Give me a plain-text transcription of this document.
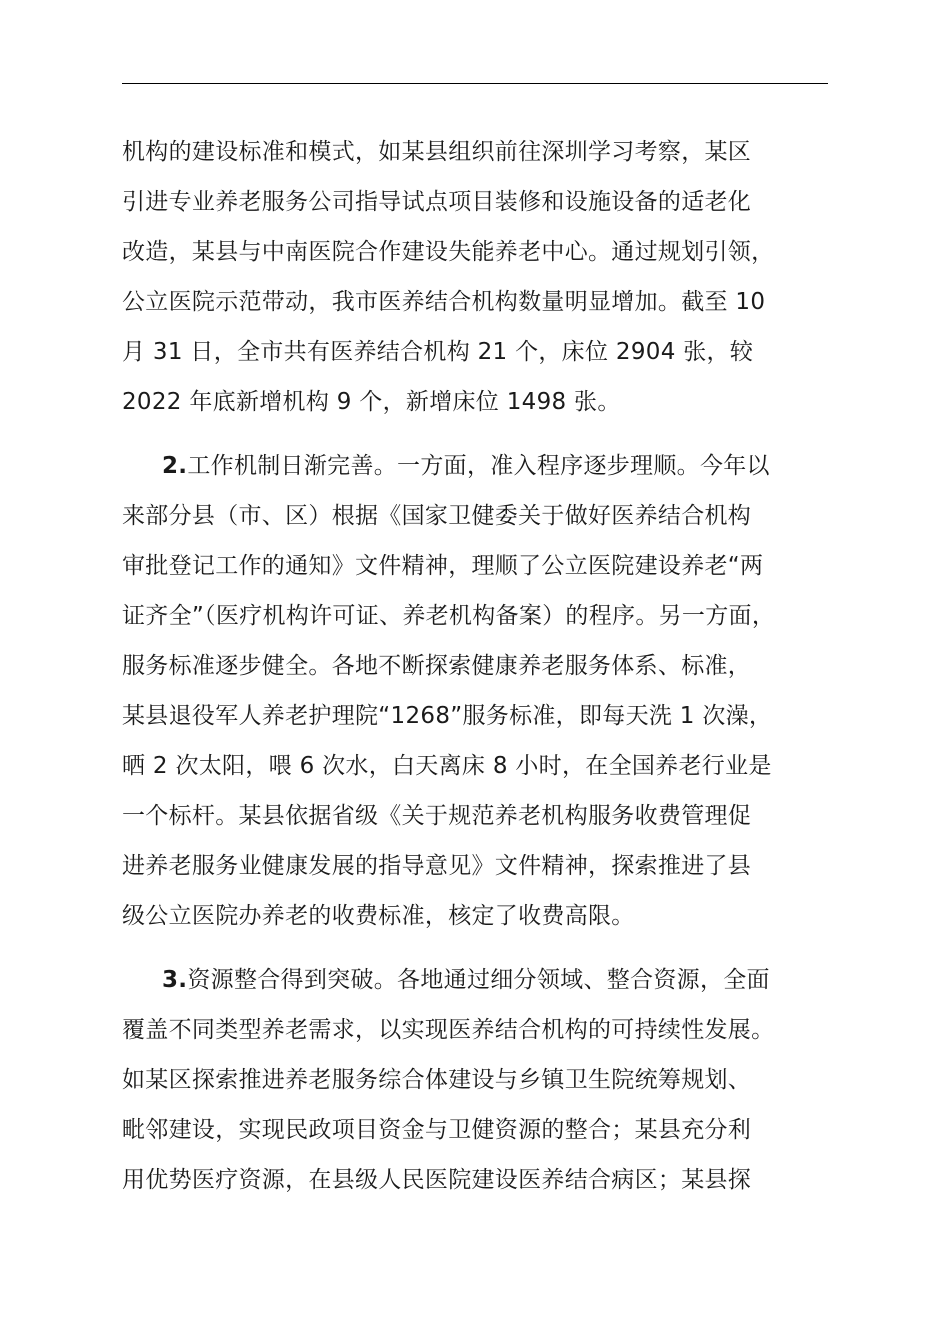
机构的建设标准和模式，如某县组织前往深圳学习考察，某区
引进专业养老服务公司指导试点项目装修和设施设备的适老化
改造，某县与中南医院合作建设失能养老中心。通过规划引领，
公立医院示范带动，我市医养结合机构数量明显增加。截至 10
月 31 日，全市共有医养结合机构 21 个，床位 2904 张，较
2022 年底新增机构 9 个，新增床位 1498 张。

2.工作机制日渐完善。一方面，准入程序逐步理顺。今年以
来部分县（市、区）根据《国家卫健委关于做好医养结合机构
审批登记工作的通知》文件精神，理顺了公立医院建设养老“两
证齐全”（医疗机构许可证、养老机构备案）的程序。另一方面，
服务标准逐步健全。各地不断探索健康养老服务体系、标准，
某县退役军人养老护理院“1268”服务标准，即每天洗 1 次澡，
晒 2 次太阳，喂 6 次水，白天离床 8 小时，在全国养老行业是
一个标杆。某县依据省级《关于规范养老机构服务收费管理促
进养老服务业健康发展的指导意见》文件精神，探索推进了县
级公立医院办养老的收费标准，核定了收费高限。

3.资源整合得到突破。各地通过细分领域、整合资源，全面
覆盖不同类型养老需求，以实现医养结合机构的可持续性发展。
如某区探索推进养老服务综合体建设与乡镇卫生院统筹规划、
毗邻建设，实现民政项目资金与卫健资源的整合；某县充分利
用优势医疗资源，在县级人民医院建设医养结合病区；某县探
